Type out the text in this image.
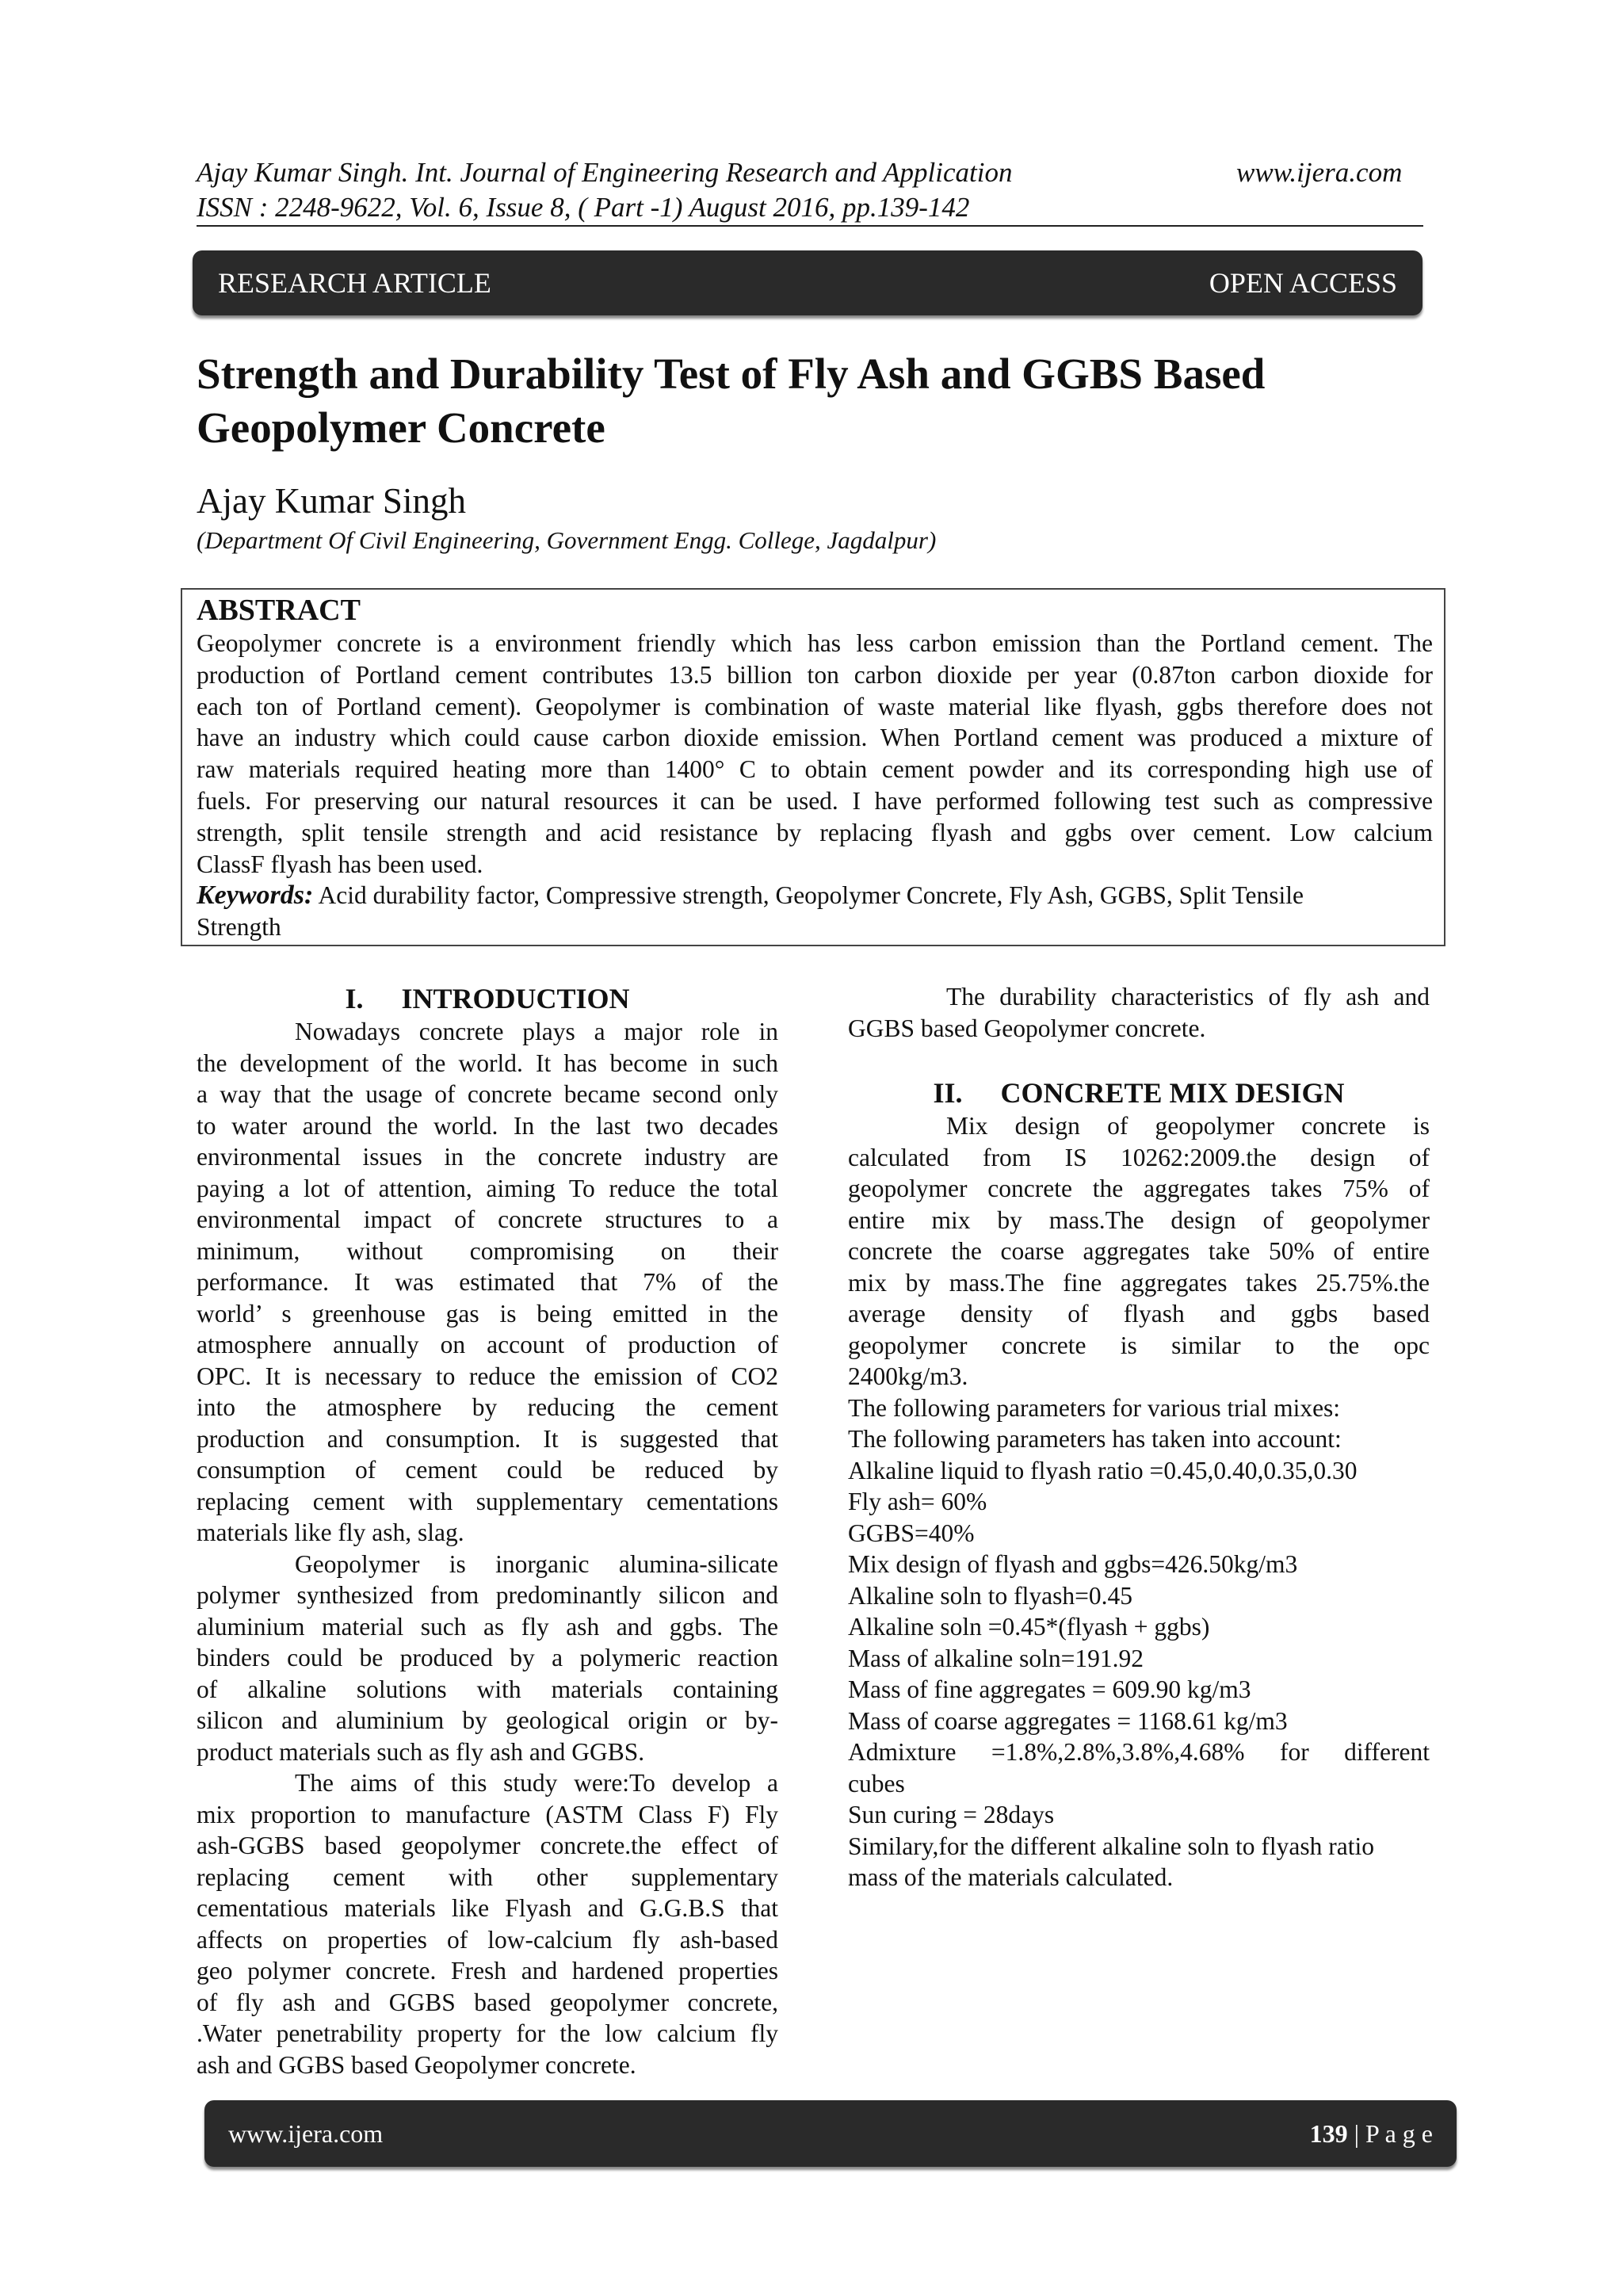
Ajay Kumar Singh. Int. Journal of Engineering Research and Application	www.ijera.com
ISSN : 2248-9622, Vol. 6, Issue 8, ( Part -1) August 2016, pp.139-142
RESEARCH ARTICLE	OPEN ACCESS
Strength and Durability Test of Fly Ash and GGBS Based
Geopolymer Concrete
Ajay Kumar Singh
(Department Of Civil Engineering, Government Engg. College, Jagdalpur)
ABSTRACT
Geopolymer concrete is a environment friendly which has less carbon emission than the Portland cement. The
production of Portland cement contributes 13.5 billion ton carbon dioxide per year (0.87ton carbon dioxide for
each ton of Portland cement). Geopolymer is combination of waste material like flyash, ggbs therefore does not
have an industry which could cause carbon dioxide emission. When Portland cement was produced a mixture of
raw materials required heating more than 1400° C to obtain cement powder and its corresponding high use of
fuels. For preserving our natural resources it can be used. I have performed following test such as compressive
strength, split tensile strength and acid resistance by replacing flyash and ggbs over cement. Low calcium
ClassF flyash has been used.
Keywords: Acid durability factor, Compressive strength, Geopolymer Concrete, Fly Ash, GGBS, Split Tensile
Strength
I. INTRODUCTION
Nowadays concrete plays a major role in
the development of the world. It has become in such
a way that the usage of concrete became second only
to water around the world. In the last two decades
environmental issues in the concrete industry are
paying a lot of attention, aiming To reduce the total
environmental impact of concrete structures to a
minimum, without compromising on their
performance. It was estimated that 7% of the
world’ s greenhouse gas is being emitted in the
atmosphere annually on account of production of
OPC. It is necessary to reduce the emission of CO2
into the atmosphere by reducing the cement
production and consumption. It is suggested that
consumption of cement could be reduced by
replacing cement with supplementary cementations
materials like fly ash, slag.
Geopolymer is inorganic alumina-silicate
polymer synthesized from predominantly silicon and
aluminium material such as fly ash and ggbs. The
binders could be produced by a polymeric reaction
of alkaline solutions with materials containing
silicon and aluminium by geological origin or by-
product materials such as fly ash and GGBS.
The aims of this study were:To develop a
mix proportion to manufacture (ASTM Class F) Fly
ash-GGBS based geopolymer concrete.the effect of
replacing cement with other supplementary
cementatious materials like Flyash and G.G.B.S that
affects on properties of low-calcium fly ash-based
geo polymer concrete. Fresh and hardened properties
of fly ash and GGBS based geopolymer concrete,
.Water penetrability property for the low calcium fly
ash and GGBS based Geopolymer concrete.
The durability characteristics of fly ash and
GGBS based Geopolymer concrete.
II. CONCRETE MIX DESIGN
Mix design of geopolymer concrete is
calculated from IS 10262:2009.the design of
geopolymer concrete the aggregates takes 75% of
entire mix by mass.The design of geopolymer
concrete the coarse aggregates take 50% of entire
mix by mass.The fine aggregates takes 25.75%.the
average density of flyash and ggbs based
geopolymer concrete is similar to the opc
2400kg/m3.
The following parameters for various trial mixes:
The following parameters has taken into account:
Alkaline liquid to flyash ratio =0.45,0.40,0.35,0.30
Fly ash= 60%
GGBS=40%
Mix design of flyash and ggbs=426.50kg/m3
Alkaline soln to flyash=0.45
Alkaline soln =0.45*(flyash + ggbs)
Mass of alkaline soln=191.92
Mass of fine aggregates = 609.90 kg/m3
Mass of coarse aggregates = 1168.61 kg/m3
Admixture =1.8%,2.8%,3.8%,4.68% for different
cubes
Sun curing = 28days
Similary,for the different alkaline soln to flyash ratio
mass of the materials calculated.
www.ijera.com	139 | P a g e
